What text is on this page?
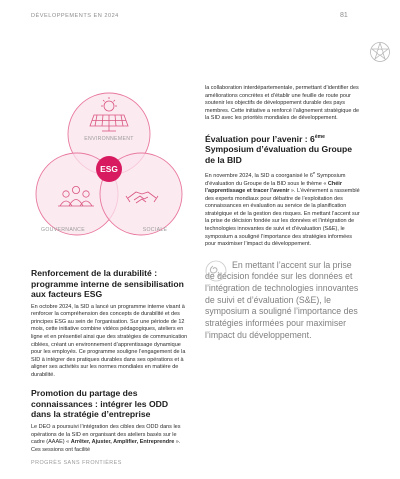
DÉVELOPPEMENTS EN 2024	81
ENVIRONNEMENT
GOUVERNANCE	SOCIALE
ESG
Renforcement de la durabilité : programme interne de sensibilisation aux facteurs ESG

En octobre 2024, la SID a lancé un programme interne visant à renforcer la compréhension des concepts de durabilité et des principes ESG au sein de l’organisation. Sur une période de 12 mois, cette initiative combine vidéos pédagogiques, ateliers en ligne et en présentiel ainsi que des stratégies de communication ciblées, créant un environnement d’apprentissage dynamique pour les employés. Ce programme souligne l’engagement de la SID à intégrer des pratiques durables dans ses opérations et à aligner ses activités sur les normes mondiales en matière de durabilité.

Promotion du partage des connaissances : intégrer les ODD dans la stratégie d’entreprise

Le DEO a poursuivi l’intégration des cibles des ODD dans les opérations de la SID en organisant des ateliers basés sur le cadre (AAAE) « Arrêter, Ajuster, Amplifier, Entreprendre ». Ces sessions ont facilité

la collaboration interdépartementale, permettant d’identifier des améliorations concrètes et d’établir une feuille de route pour soutenir les objectifs de développement durable des pays membres. Cette initiative a renforcé l’alignement stratégique de la SID avec les priorités mondiales de développement.

Évaluation pour l’avenir : 6ème Symposium d’évaluation du Groupe de la BID

En novembre 2024, la SID a coorganisé le 6e Symposium d’évaluation du Groupe de la BID sous le thème « Chéir l’apprentissage et tracer l’avenir ». L’événement a rassemblé des experts mondiaux pour débattre de l’exploitation des connaissances en évaluation au service de la planification stratégique et de la gestion des risques. En mettant l’accent sur la prise de décision fondée sur les données et l’intégration de technologies innovantes de suivi et d’évaluation (S&E), le symposium a souligné l’importance des stratégies informées pour maximiser l’impact du développement.

En mettant l’accent sur la prise de décision fondée sur les données et l’intégration de technologies innovantes de suivi et d’évaluation (S&E), le symposium a souligné l’importance des stratégies informées pour maximiser l’impact du développement.

PROGRÈS SANS FRONTIÈRES
